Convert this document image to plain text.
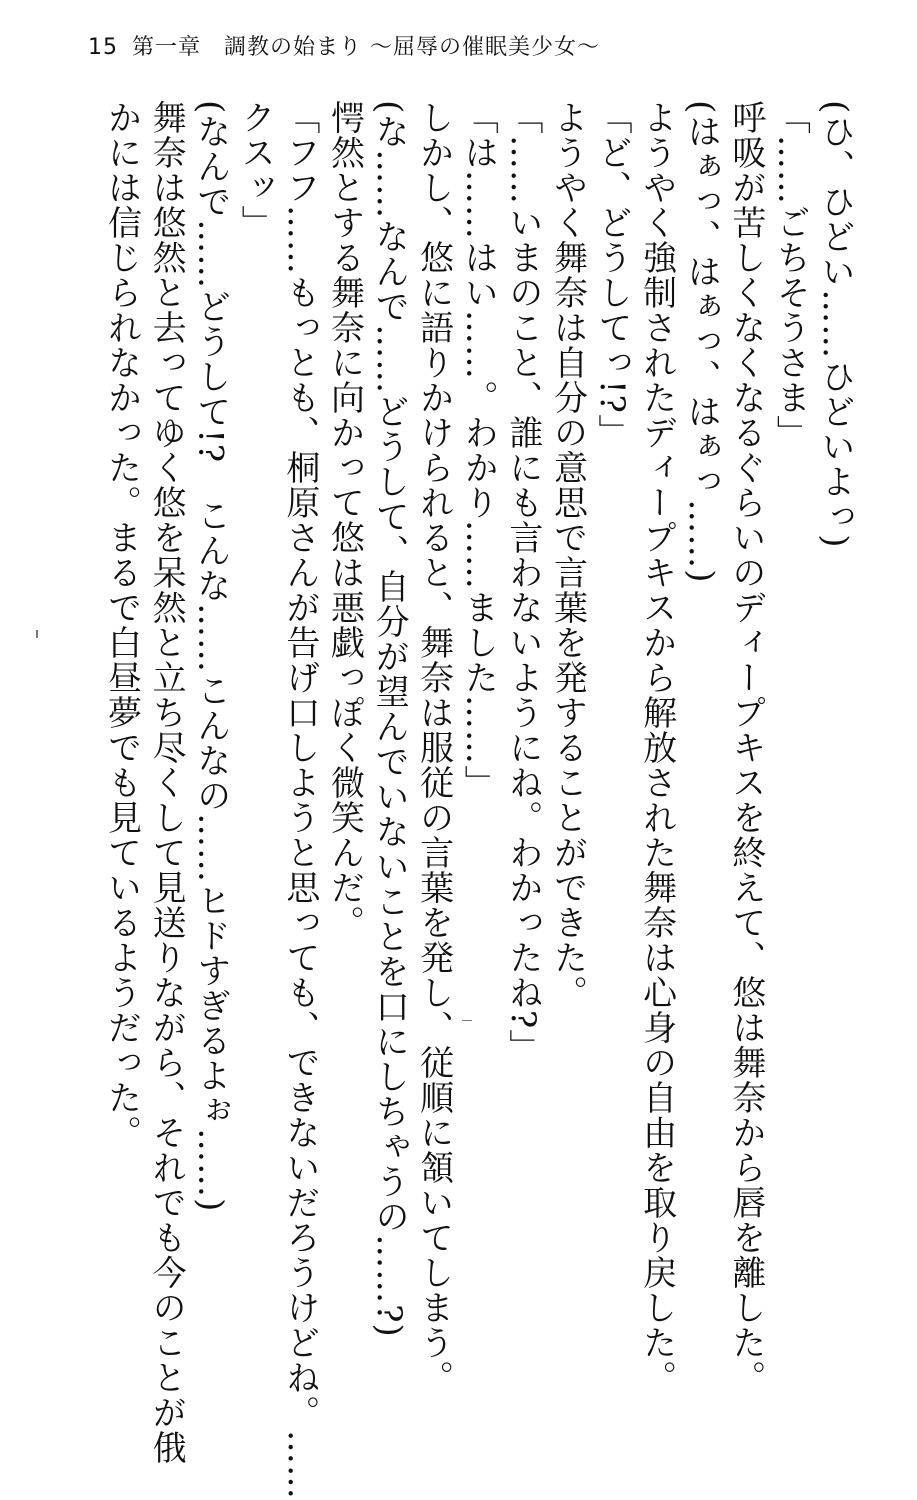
15 第一章　調教の始まり 〜屈辱の催眠美少女〜
(ひ、ひどい……ひどいよっ)
「……ごちそうさま」
呼吸が苦しくなくなるぐらいのディープキスを終えて、悠は舞奈から唇を離した。
(はぁっ、はぁっ、はぁっ……)
ようやく強制されたディープキスから解放された舞奈は心身の自由を取り戻した。
「ど、どうしてっ!?」
ようやく舞奈は自分の意思で言葉を発することができた。
「……いまのこと、誰にも言わないようにね。わかったね?」
「は……はい……。わかり……ました……」
しかし、悠に語りかけられると、舞奈は服従の言葉を発し、従順に頷いてしまう。
(な……なんで……どうして、自分が望んでいないことを口にしちゃうの……?)
愕然とする舞奈に向かって悠は悪戯っぽく微笑んだ。
「フフ……もっとも、桐原さんが告げ口しようと思っても、できないだろうけどね。……
クスッ」
(なんで……どうして!?　こんな……こんなの……ヒドすぎるよぉ……)
舞奈は悠然と去ってゆく悠を呆然と立ち尽くして見送りながら、それでも今のことが俄
かには信じられなかった。まるで白昼夢でも見ているようだった。
